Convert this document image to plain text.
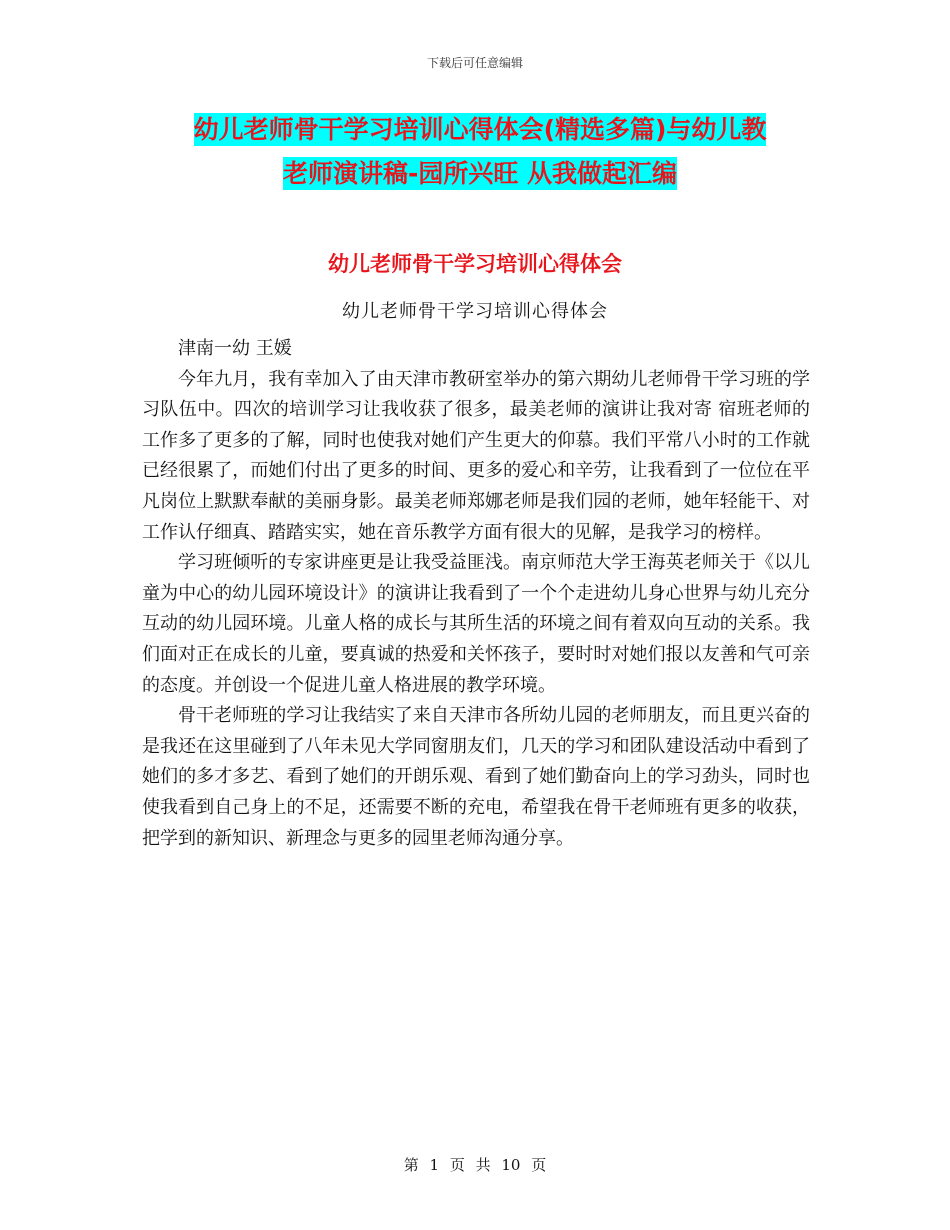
下载后可任意编辑
幼儿老师骨干学习培训心得体会(精选多篇)与幼儿教
老师演讲稿-园所兴旺 从我做起汇编
幼儿老师骨干学习培训心得体会
幼儿老师骨干学习培训心得体会

津南一幼 王媛

今年九月，我有幸加入了由天津市教研室举办的第六期幼儿老师骨干学习班的学习队伍中。四次的培训学习让我收获了很多，最美老师的演讲让我对寄 宿班老师的工作多了更多的了解，同时也使我对她们产生更大的仰慕。我们平常八小时的工作就已经很累了，而她们付出了更多的时间、更多的爱心和辛劳，让我看到了一位位在平凡岗位上默默奉献的美丽身影。最美老师郑娜老师是我们园的老师，她年轻能干、对工作认仔细真、踏踏实实，她在音乐教学方面有很大的见解，是我学习的榜样。

学习班倾听的专家讲座更是让我受益匪浅。南京师范大学王海英老师关于《以儿童为中心的幼儿园环境设计》的演讲让我看到了一个个走进幼儿身心世界与幼儿充分互动的幼儿园环境。儿童人格的成长与其所生活的环境之间有着双向互动的关系。我们面对正在成长的儿童，要真诚的热爱和关怀孩子，要时时对她们报以友善和气可亲的态度。并创设一个促进儿童人格进展的教学环境。

骨干老师班的学习让我结实了来自天津市各所幼儿园的老师朋友，而且更兴奋的是我还在这里碰到了八年未见大学同窗朋友们，几天的学习和团队建设活动中看到了她们的多才多艺、看到了她们的开朗乐观、看到了她们勤奋向上的学习劲头，同时也使我看到自己身上的不足，还需要不断的充电，希望我在骨干老师班有更多的收获，把学到的新知识、新理念与更多的园里老师沟通分享。

第 1 页 共 10 页
